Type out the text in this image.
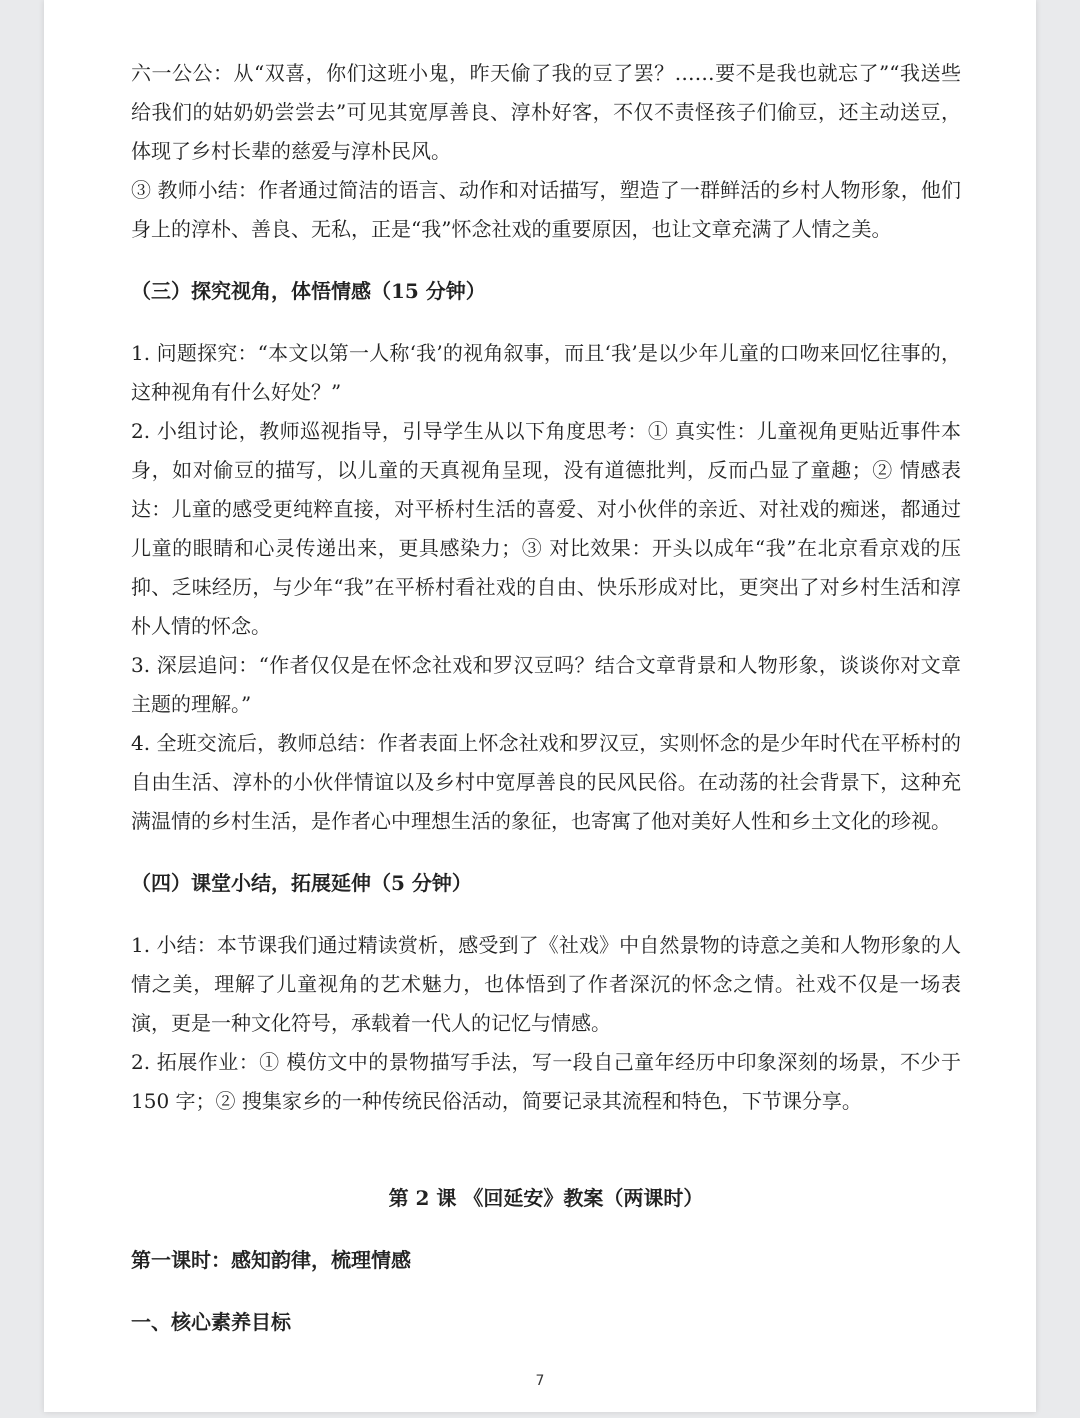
六一公公：从“双喜，你们这班小鬼，昨天偷了我的豆了罢？……要不是我也就忘了”“我送些给我们的姑奶奶尝尝去”可见其宽厚善良、淳朴好客，不仅不责怪孩子们偷豆，还主动送豆，体现了乡村长辈的慈爱与淳朴民风。

③ 教师小结：作者通过简洁的语言、动作和对话描写，塑造了一群鲜活的乡村人物形象，他们身上的淳朴、善良、无私，正是“我”怀念社戏的重要原因，也让文章充满了人情之美。

（三）探究视角，体悟情感（15 分钟）

1. 问题探究：“本文以第一人称‘我’的视角叙事，而且‘我’是以少年儿童的口吻来回忆往事的，这种视角有什么好处？”

2. 小组讨论，教师巡视指导，引导学生从以下角度思考：① 真实性：儿童视角更贴近事件本身，如对偷豆的描写，以儿童的天真视角呈现，没有道德批判，反而凸显了童趣；② 情感表达：儿童的感受更纯粹直接，对平桥村生活的喜爱、对小伙伴的亲近、对社戏的痴迷，都通过儿童的眼睛和心灵传递出来，更具感染力；③ 对比效果：开头以成年“我”在北京看京戏的压抑、乏味经历，与少年“我”在平桥村看社戏的自由、快乐形成对比，更突出了对乡村生活和淳朴人情的怀念。

3. 深层追问：“作者仅仅是在怀念社戏和罗汉豆吗？结合文章背景和人物形象，谈谈你对文章主题的理解。”

4. 全班交流后，教师总结：作者表面上怀念社戏和罗汉豆，实则怀念的是少年时代在平桥村的自由生活、淳朴的小伙伴情谊以及乡村中宽厚善良的民风民俗。在动荡的社会背景下，这种充满温情的乡村生活，是作者心中理想生活的象征，也寄寓了他对美好人性和乡土文化的珍视。

（四）课堂小结，拓展延伸（5 分钟）

1. 小结：本节课我们通过精读赏析，感受到了《社戏》中自然景物的诗意之美和人物形象的人情之美，理解了儿童视角的艺术魅力，也体悟到了作者深沉的怀念之情。社戏不仅是一场表演，更是一种文化符号，承载着一代人的记忆与情感。

2. 拓展作业：① 模仿文中的景物描写手法，写一段自己童年经历中印象深刻的场景，不少于 150 字；② 搜集家乡的一种传统民俗活动，简要记录其流程和特色，下节课分享。

第 2 课 《回延安》教案（两课时）

第一课时：感知韵律，梳理情感

一、核心素养目标

7
